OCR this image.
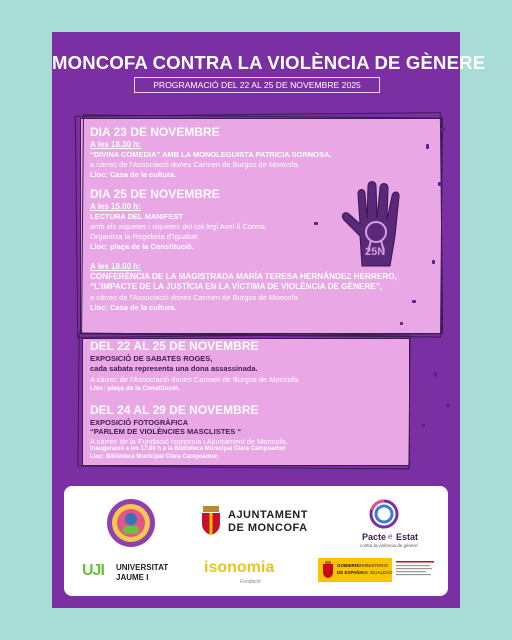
MONCOFA CONTRA LA VIOLÈNCIA DE GÈNERE
PROGRAMACIÓ DEL 22 AL 25 DE NOVEMBRE 2025
DIA 23 DE NOVEMBRE
A les 18.30 h:
“DIVINA COMEDIA” AMB LA MONOLEGUISTA PATRICIA SORNOSA,
a càrrec de l’Associació dones Carmen de Burgos de Moncofa.
Lloc: Casa de la cultura.
DIA 25 DE NOVEMBRE
A les 15.00 h:
LECTURA DEL MANIFEST
amb els xiquetes i xiquetes del col·legi Avel·lí Corma.
Organitza la Regidoria d’Igualtat.
Lloc: plaça de la Constitució.
A les 18.00 h:
CONFERÈNCIA DE LA MAGISTRADA MARÍA TERESA HERNÁNDEZ HERRERO,
“L’IMPACTE DE LA JUSTÍCIA EN LA VÍCTIMA DE VIOLÈNCIA DE GÈNERE”,
a càrrec de l’Associació dones Carmen de Burgos de Moncofa
Lloc: Casa de la cultura.
25N
DEL 22 AL 25 DE NOVEMBRE
EXPOSICIÓ DE SABATES ROGES,
cada sabata representa una dona assassinada.
A càrrec de l’Associació dones Carmen de Burgos de Moncofa.
Lloc: plaça de la Constitució.
DEL 24 AL 29 DE NOVEMBRE
EXPOSICIÓ FOTOGRÀFICA
“PARLEM DE VIOLÈNCIES MASCLISTES “
A càrrec de la Fundació Isonomia i Ajuntament de Moncofa.
Inauguració a les 17.00 h a la Biblioteca Municipal Clara Campoamor
Lloc: Biblioteca Municipal Clara Campoamor.
AJUNTAMENT
DE MONCOFA
Pacte e Estat
contra la violència de gènere
UJI UNIVERSITAT
JAUME I
isonomia
Fundació
GOBIERNO
DE ESPAÑA
MINISTERIO
DE IGUALDAD
